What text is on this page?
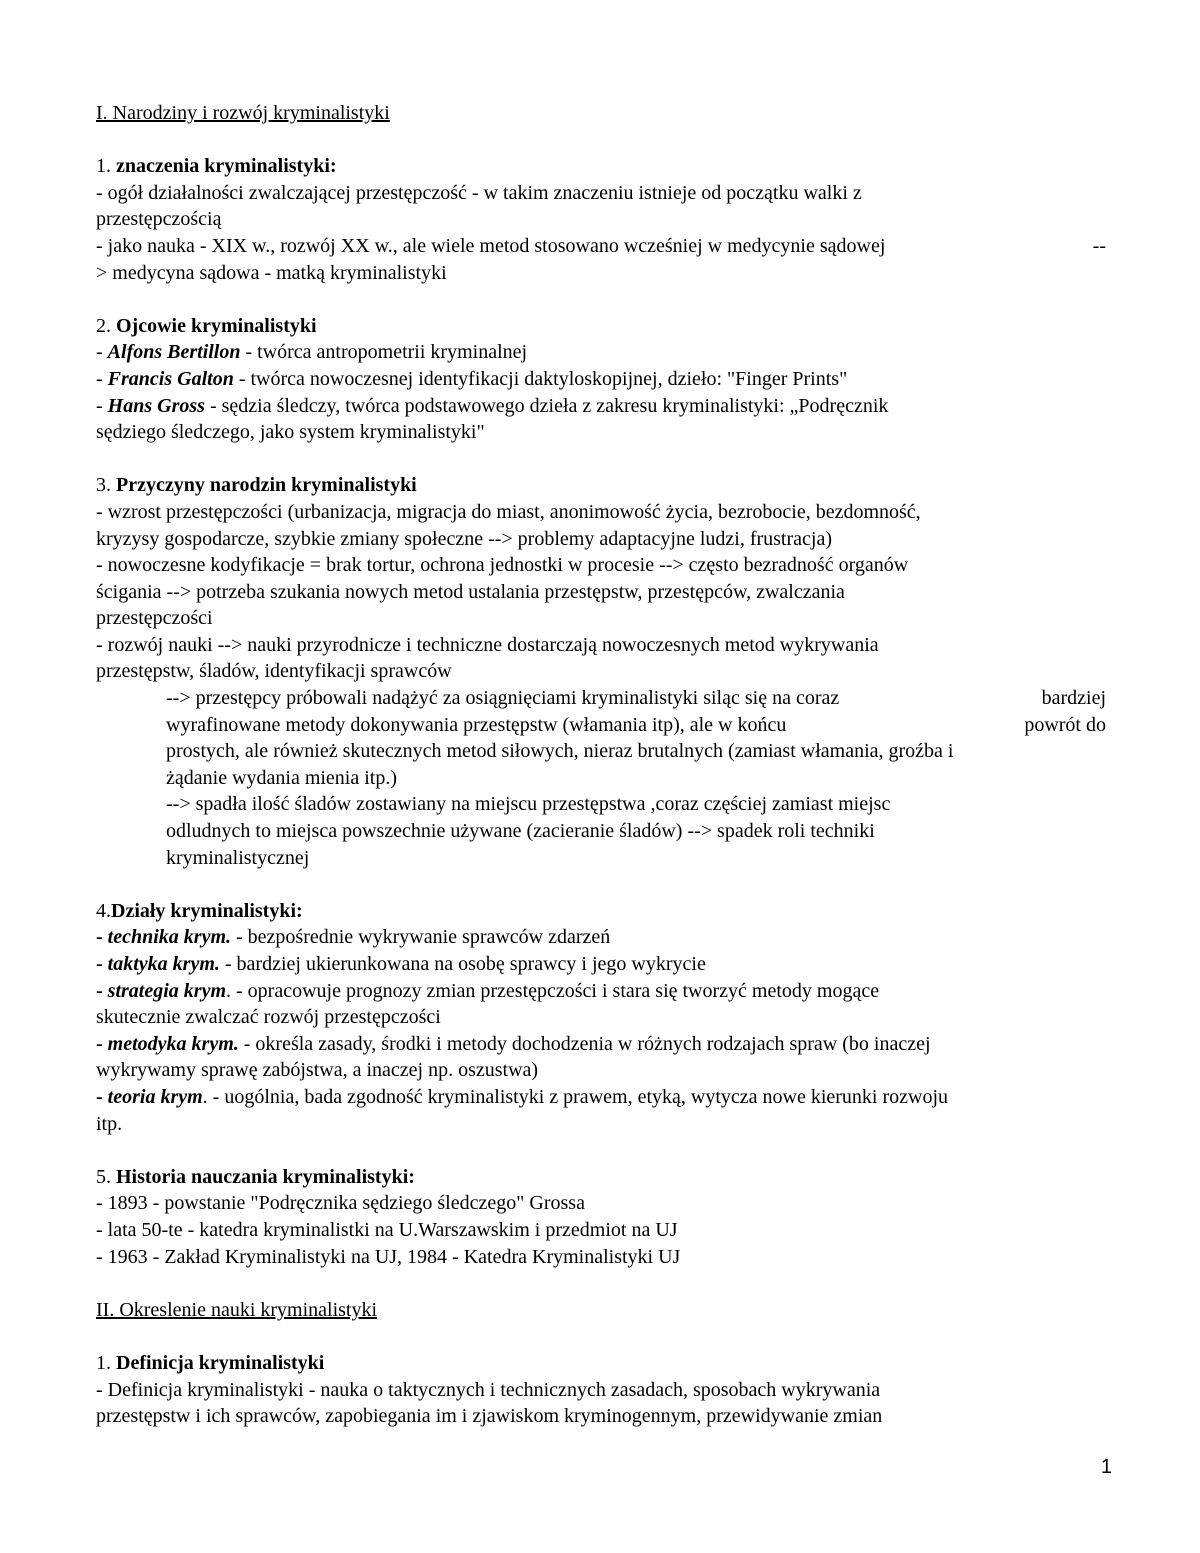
I. Narodziny i rozwój kryminalistyki
1. znaczenia kryminalistyki:
- ogół działalności zwalczającej przestępczość - w takim znaczeniu istnieje od początku walki z
przestępczością
- jako nauka - XIX w., rozwój XX w., ale wiele metod stosowano wcześniej w medycynie sądowej	--
> medycyna sądowa - matką kryminalistyki
2. Ojcowie kryminalistyki
- Alfons Bertillon - twórca antropometrii kryminalnej
- Francis Galton - twórca nowoczesnej identyfikacji daktyloskopijnej, dzieło: "Finger Prints"
- Hans Gross - sędzia śledczy, twórca podstawowego dzieła z zakresu kryminalistyki: „Podręcznik
sędziego śledczego, jako system kryminalistyki"
3. Przyczyny narodzin kryminalistyki
- wzrost przestępczości (urbanizacja, migracja do miast, anonimowość życia, bezrobocie, bezdomność,
kryzysy gospodarcze, szybkie zmiany społeczne --> problemy adaptacyjne ludzi, frustracja)
- nowoczesne kodyfikacje = brak tortur, ochrona jednostki w procesie --> często bezradność organów
ścigania --> potrzeba szukania nowych metod ustalania przestępstw, przestępców, zwalczania
przestępczości
- rozwój nauki --> nauki przyrodnicze i techniczne dostarczają nowoczesnych metod wykrywania
przestępstw, śladów, identyfikacji sprawców
--> przestępcy próbowali nadążyć za osiągnięciami kryminalistyki siląc się na coraz	bardziej
wyrafinowane metody dokonywania przestępstw (włamania itp), ale w końcu	powrót do
prostych, ale również skutecznych metod siłowych, nieraz brutalnych (zamiast włamania, groźba i
żądanie wydania mienia itp.)
--> spadła ilość śladów zostawiany na miejscu przestępstwa ,coraz częściej zamiast miejsc
odludnych to miejsca powszechnie używane (zacieranie śladów) --> spadek roli techniki
kryminalistycznej
4.Działy kryminalistyki:
- technika krym. - bezpośrednie wykrywanie sprawców zdarzeń
- taktyka krym. - bardziej ukierunkowana na osobę sprawcy i jego wykrycie
- strategia krym. - opracowuje prognozy zmian przestępczości i stara się tworzyć metody mogące
skutecznie zwalczać rozwój przestępczości
- metodyka krym. - określa zasady, środki i metody dochodzenia w różnych rodzajach spraw (bo inaczej
wykrywamy sprawę zabójstwa, a inaczej np. oszustwa)
- teoria krym. - uogólnia, bada zgodność kryminalistyki z prawem, etyką, wytycza nowe kierunki rozwoju
itp.
5. Historia nauczania kryminalistyki:
- 1893 - powstanie "Podręcznika sędziego śledczego" Grossa
- lata 50-te - katedra kryminalistki na U.Warszawskim i przedmiot na UJ
- 1963 - Zakład Kryminalistyki na UJ, 1984 - Katedra Kryminalistyki UJ
II. Okreslenie nauki kryminalistyki
1. Definicja kryminalistyki
- Definicja kryminalistyki - nauka o taktycznych i technicznych zasadach, sposobach wykrywania
przestępstw i ich sprawców, zapobiegania im i zjawiskom kryminogennym, przewidywanie zmian
1
